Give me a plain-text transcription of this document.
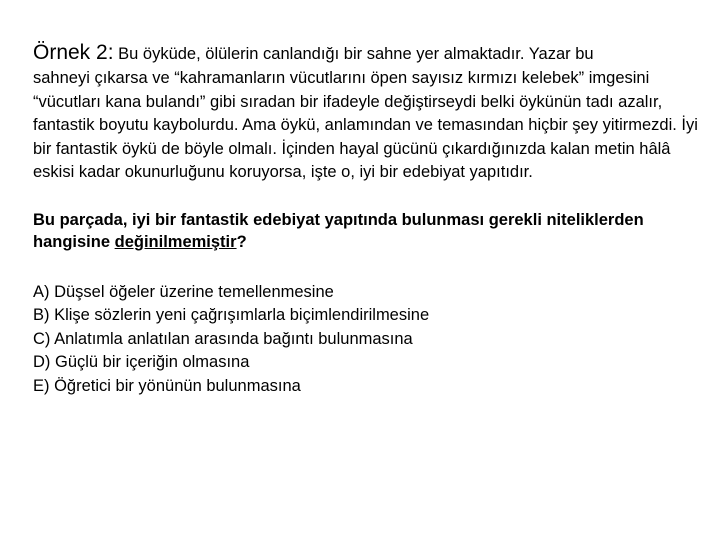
Örnek 2: Bu öyküde, ölülerin canlandığı bir sahne yer almaktadır. Yazar bu
sahneyi çıkarsa ve “kahramanların vücutlarını öpen sayısız kırmızı kelebek” imgesini “vücutları kana bulandı” gibi sıradan bir ifadeyle değiştirseydi belki öykünün tadı azalır, fantastik boyutu kaybolurdu. Ama öykü, anlamından ve temasından hiçbir şey yitirmezdi. İyi bir fantastik öykü de böyle olmalı. İçinden hayal gücünü çıkardığınızda kalan metin hâlâ eskisi kadar okunurluğunu koruyorsa, işte o, iyi bir edebiyat yapıtıdır.

Bu parçada, iyi bir fantastik edebiyat yapıtında bulunması gerekli niteliklerden hangisine değinilmemiştir?

A) Düşsel öğeler üzerine temellenmesine
B) Klişe sözlerin yeni çağrışımlarla biçimlendirilmesine
C) Anlatımla anlatılan arasında bağıntı bulunmasına
D) Güçlü bir içeriğin olmasına
E) Öğretici bir yönünün bulunmasına
